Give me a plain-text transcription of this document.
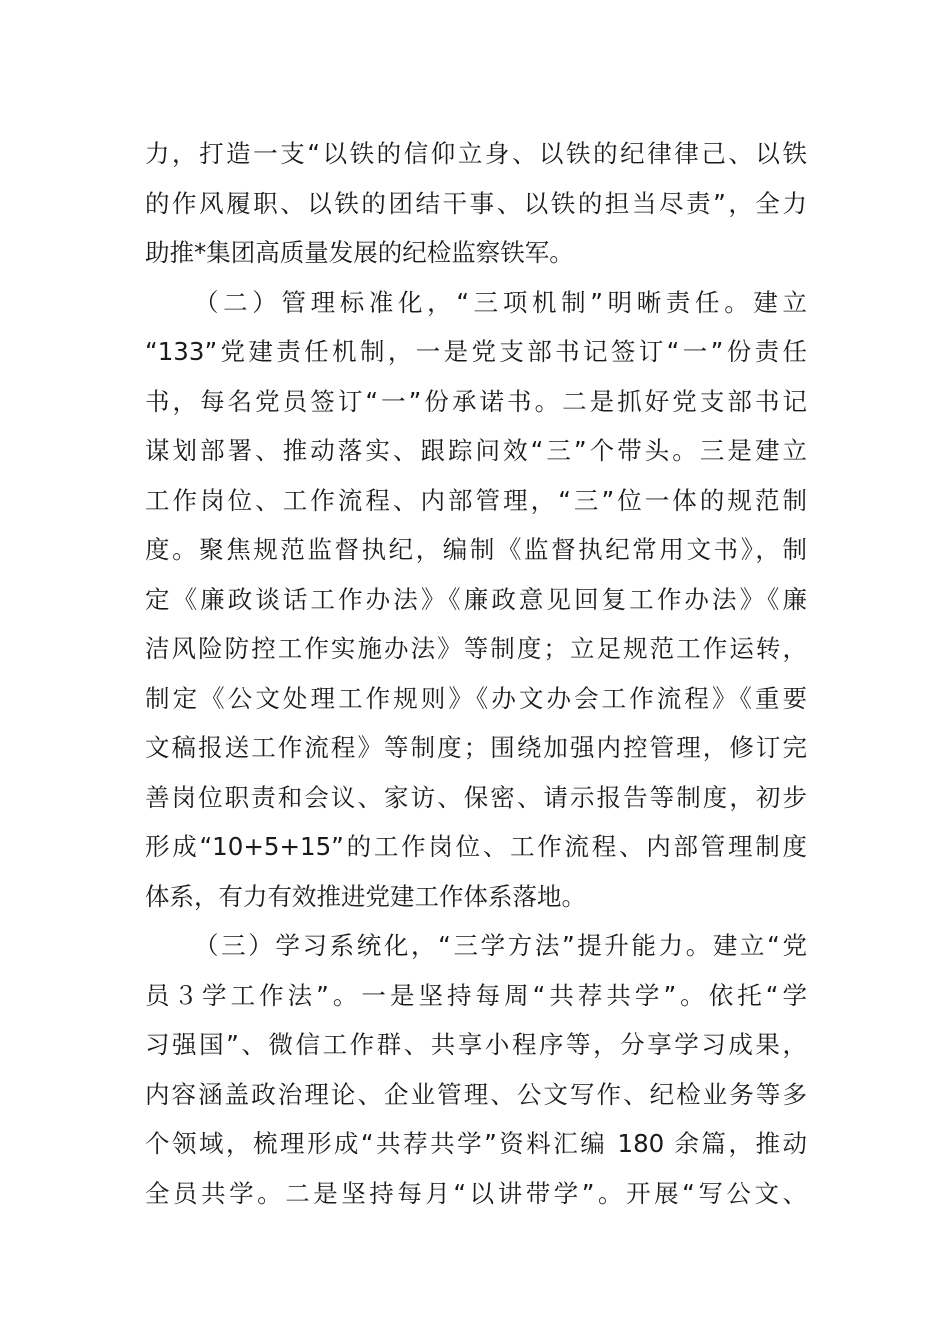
力，打造一支“以铁的信仰立身、以铁的纪律律己、以铁
的作风履职、以铁的团结干事、以铁的担当尽责”，全力
助推*集团高质量发展的纪检监察铁军。
（二）管理标准化，“三项机制”明晰责任。建立
“133”党建责任机制，一是党支部书记签订“一”份责任
书，每名党员签订“一”份承诺书。二是抓好党支部书记
谋划部署、推动落实、跟踪问效“三”个带头。三是建立
工作岗位、工作流程、内部管理，“三”位一体的规范制
度。聚焦规范监督执纪，编制《监督执纪常用文书》，制
定《廉政谈话工作办法》《廉政意见回复工作办法》《廉
洁风险防控工作实施办法》等制度；立足规范工作运转，
制定《公文处理工作规则》《办文办会工作流程》《重要
文稿报送工作流程》等制度；围绕加强内控管理，修订完
善岗位职责和会议、家访、保密、请示报告等制度，初步
形成“10+5+15”的工作岗位、工作流程、内部管理制度
体系，有力有效推进党建工作体系落地。
（三）学习系统化，“三学方法”提升能力。建立“党
员３学工作法”。一是坚持每周“共荐共学”。依托“学
习强国”、微信工作群、共享小程序等，分享学习成果，
内容涵盖政治理论、企业管理、公文写作、纪检业务等多
个领域，梳理形成“共荐共学”资料汇编 180 余篇，推动
全员共学。二是坚持每月“以讲带学”。开展“写公文、
